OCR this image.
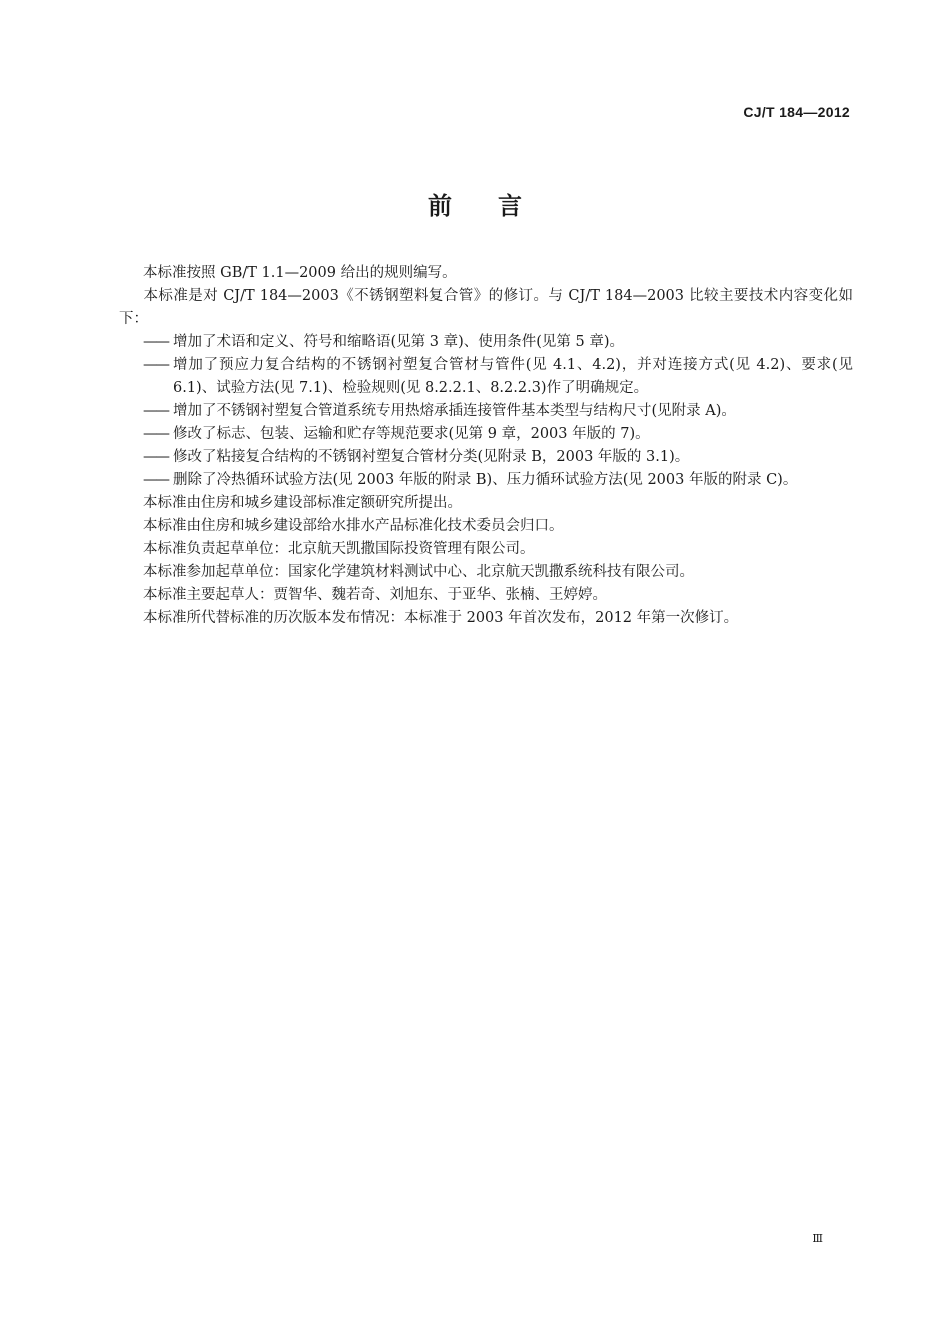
CJ/T 184—2012
前言

本标准按照 GB/T 1.1—2009 给出的规则编写。

本标准是对 CJ/T 184—2003《不锈钢塑料复合管》的修订。与 CJ/T 184—2003 比较主要技术内容变化如下：

—— 增加了术语和定义、符号和缩略语(见第 3 章)、使用条件(见第 5 章)。
—— 增加了预应力复合结构的不锈钢衬塑复合管材与管件(见 4.1、4.2)，并对连接方式(见 4.2)、要求(见 6.1)、试验方法(见 7.1)、检验规则(见 8.2.2.1、8.2.2.3)作了明确规定。
—— 增加了不锈钢衬塑复合管道系统专用热熔承插连接管件基本类型与结构尺寸(见附录 A)。
—— 修改了标志、包装、运输和贮存等规范要求(见第 9 章，2003 年版的 7)。
—— 修改了粘接复合结构的不锈钢衬塑复合管材分类(见附录 B，2003 年版的 3.1)。
—— 删除了冷热循环试验方法(见 2003 年版的附录 B)、压力循环试验方法(见 2003 年版的附录 C)。

本标准由住房和城乡建设部标准定额研究所提出。

本标准由住房和城乡建设部给水排水产品标准化技术委员会归口。

本标准负责起草单位：北京航天凯撒国际投资管理有限公司。

本标准参加起草单位：国家化学建筑材料测试中心、北京航天凯撒系统科技有限公司。

本标准主要起草人：贾智华、魏若奇、刘旭东、于亚华、张楠、王婷婷。

本标准所代替标准的历次版本发布情况：本标准于 2003 年首次发布，2012 年第一次修订。

Ⅲ
